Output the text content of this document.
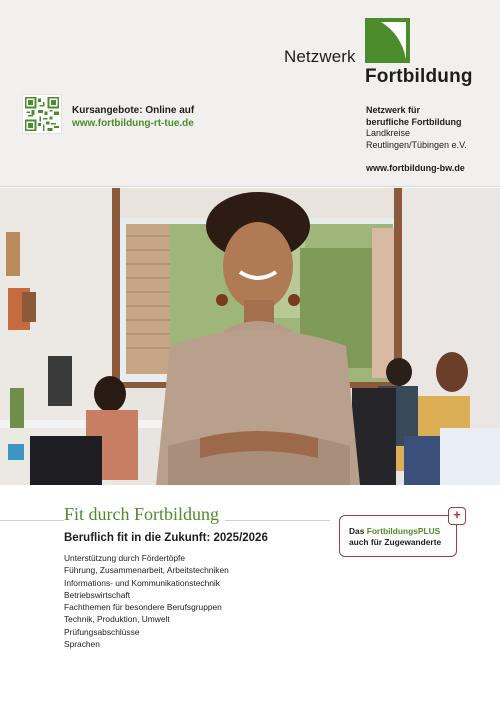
Netzwerk
Fortbildung
Kursangebote: Online auf
www.fortbildung-rt-tue.de
Netzwerk für
berufliche Fortbildung
Landkreise
Reutlingen/Tübingen e.V.
www.fortbildung-bw.de
Fit durch Fortbildung
Beruflich fit in die Zukunft: 2025/2026
Unterstützung durch Fördertöpfe
Führung, Zusammenarbeit, Arbeitstechniken
Informations- und Kommunikationstechnik
Betriebswirtschaft
Fachthemen für besondere Berufsgruppen
Technik, Produktion, Umwelt
Prüfungsabschlüsse
Sprachen
Das FortbildungsPLUS
auch für Zugewanderte
+
